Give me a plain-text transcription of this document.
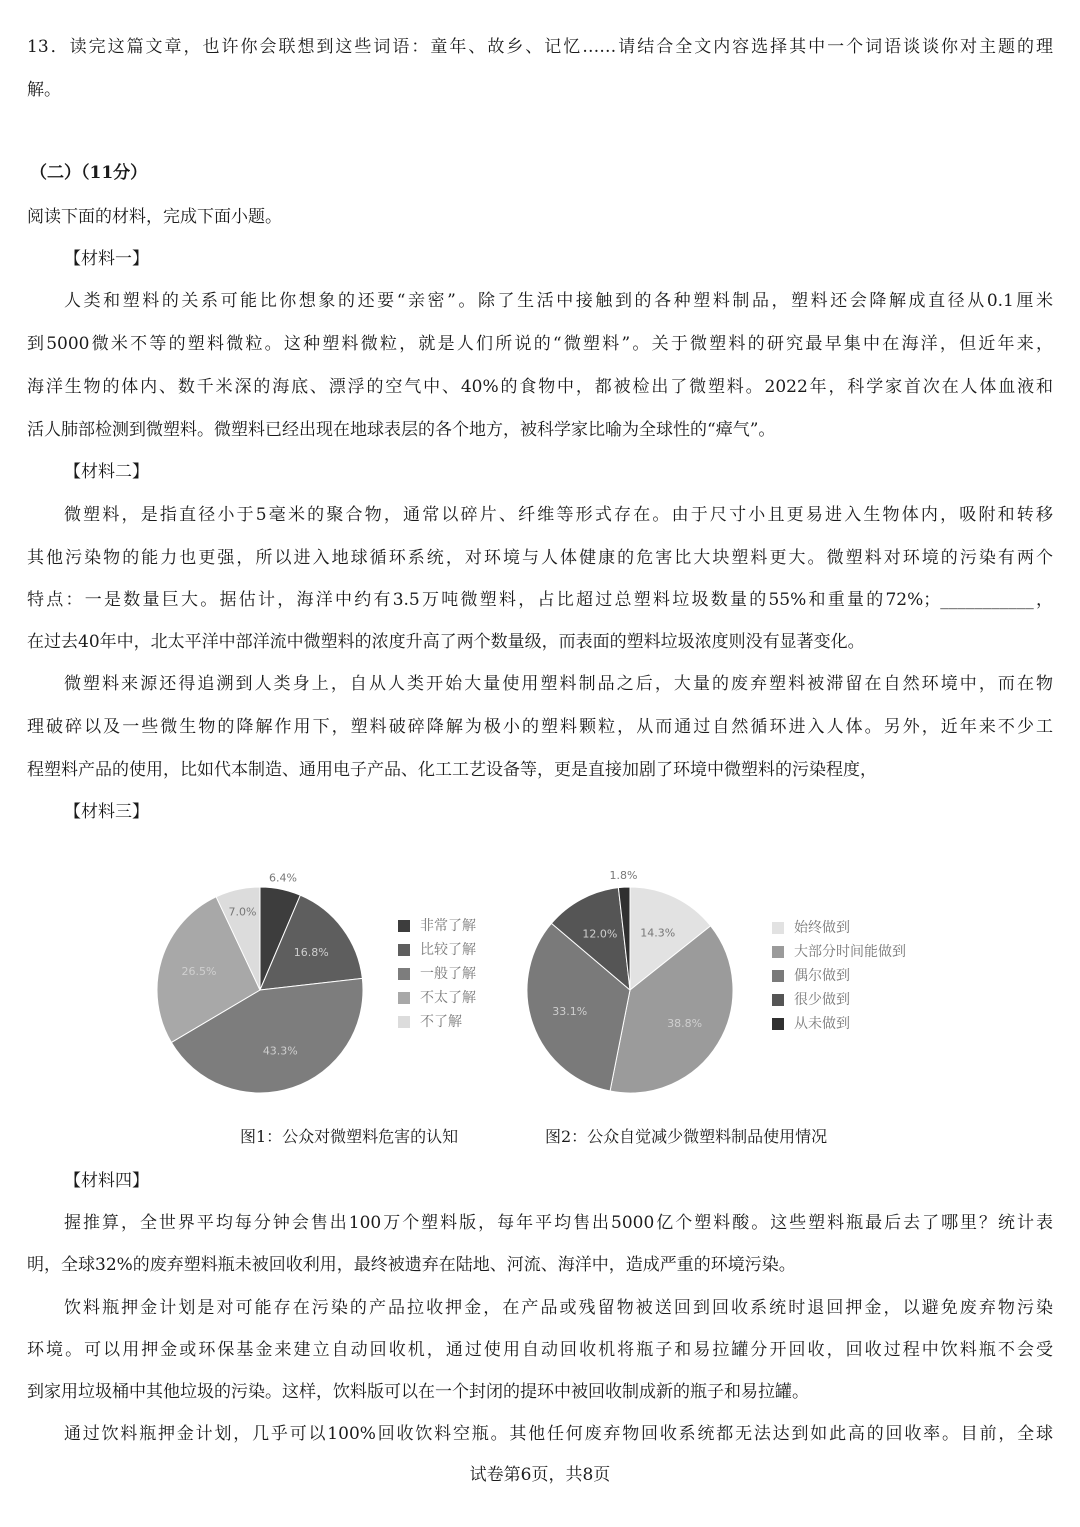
13．读完这篇文章，也许你会联想到这些词语：童年、故乡、记忆……请结合全文内容选择其中一个词语谈谈你对主题的理
解。
（二）（11分）
阅读下面的材料，完成下面小题。
【材料一】
人类和塑料的关系可能比你想象的还要“亲密”。除了生活中接触到的各种塑料制品，塑料还会降解成直径从0.1厘米
到5000微米不等的塑料微粒。这种塑料微粒，就是人们所说的“微塑料”。关于微塑料的研究最早集中在海洋，但近年来，
海洋生物的体内、数千米深的海底、漂浮的空气中、40%的食物中，都被检出了微塑料。2022年，科学家首次在人体血液和
活人肺部检测到微塑料。微塑料已经出现在地球表层的各个地方，被科学家比喻为全球性的“瘴气”。
【材料二】
微塑料，是指直径小于5毫米的聚合物，通常以碎片、纤维等形式存在。由于尺寸小且更易进入生物体内，吸附和转移
其他污染物的能力也更强，所以进入地球循环系统，对环境与人体健康的危害比大块塑料更大。微塑料对环境的污染有两个
特点：一是数量巨大。据估计，海洋中约有3.5万吨微塑料，占比超过总塑料垃圾数量的55%和重量的72%；___________，
在过去40年中，北太平洋中部洋流中微塑料的浓度升高了两个数量级，而表面的塑料垃圾浓度则没有显著变化。
微塑料来源还得追溯到人类身上，自从人类开始大量使用塑料制品之后，大量的废弃塑料被滞留在自然环境中，而在物
理破碎以及一些微生物的降解作用下，塑料破碎降解为极小的塑料颗粒，从而通过自然循环进入人体。另外，近年来不少工
程塑料产品的使用，比如代本制造、通用电子产品、化工工艺设备等，更是直接加剧了环境中微塑料的污染程度，
【材料三】
6.4%
16.8%
43.3%
26.5%
7.0%
14.3%
38.8%
33.1%
12.0%
1.8%
非常了解
比较了解
一般了解
不太了解
不了解
始终做到
大部分时间能做到
偶尔做到
很少做到
从未做到
图1：公众对微塑料危害的认知	图2：公众自觉减少微塑料制品使用情况
【材料四】
握推算，全世界平均每分钟会售出100万个塑料版，每年平均售出5000亿个塑料酸。这些塑料瓶最后去了哪里？统计表
明，全球32%的废弃塑料瓶未被回收利用，最终被遗弃在陆地、河流、海洋中，造成严重的环境污染。
饮料瓶押金计划是对可能存在污染的产品拉收押金，在产品或残留物被送回到回收系统时退回押金，以避免废弃物污染
环境。可以用押金或环保基金来建立自动回收机，通过使用自动回收机将瓶子和易拉罐分开回收，回收过程中饮料瓶不会受
到家用垃圾桶中其他垃圾的污染。这样，饮料版可以在一个封闭的提环中被回收制成新的瓶子和易拉罐。
通过饮料瓶押金计划，几乎可以100%回收饮料空瓶。其他任何废弃物回收系统都无法达到如此高的回收率。目前，全球
试卷第6页，共8页
